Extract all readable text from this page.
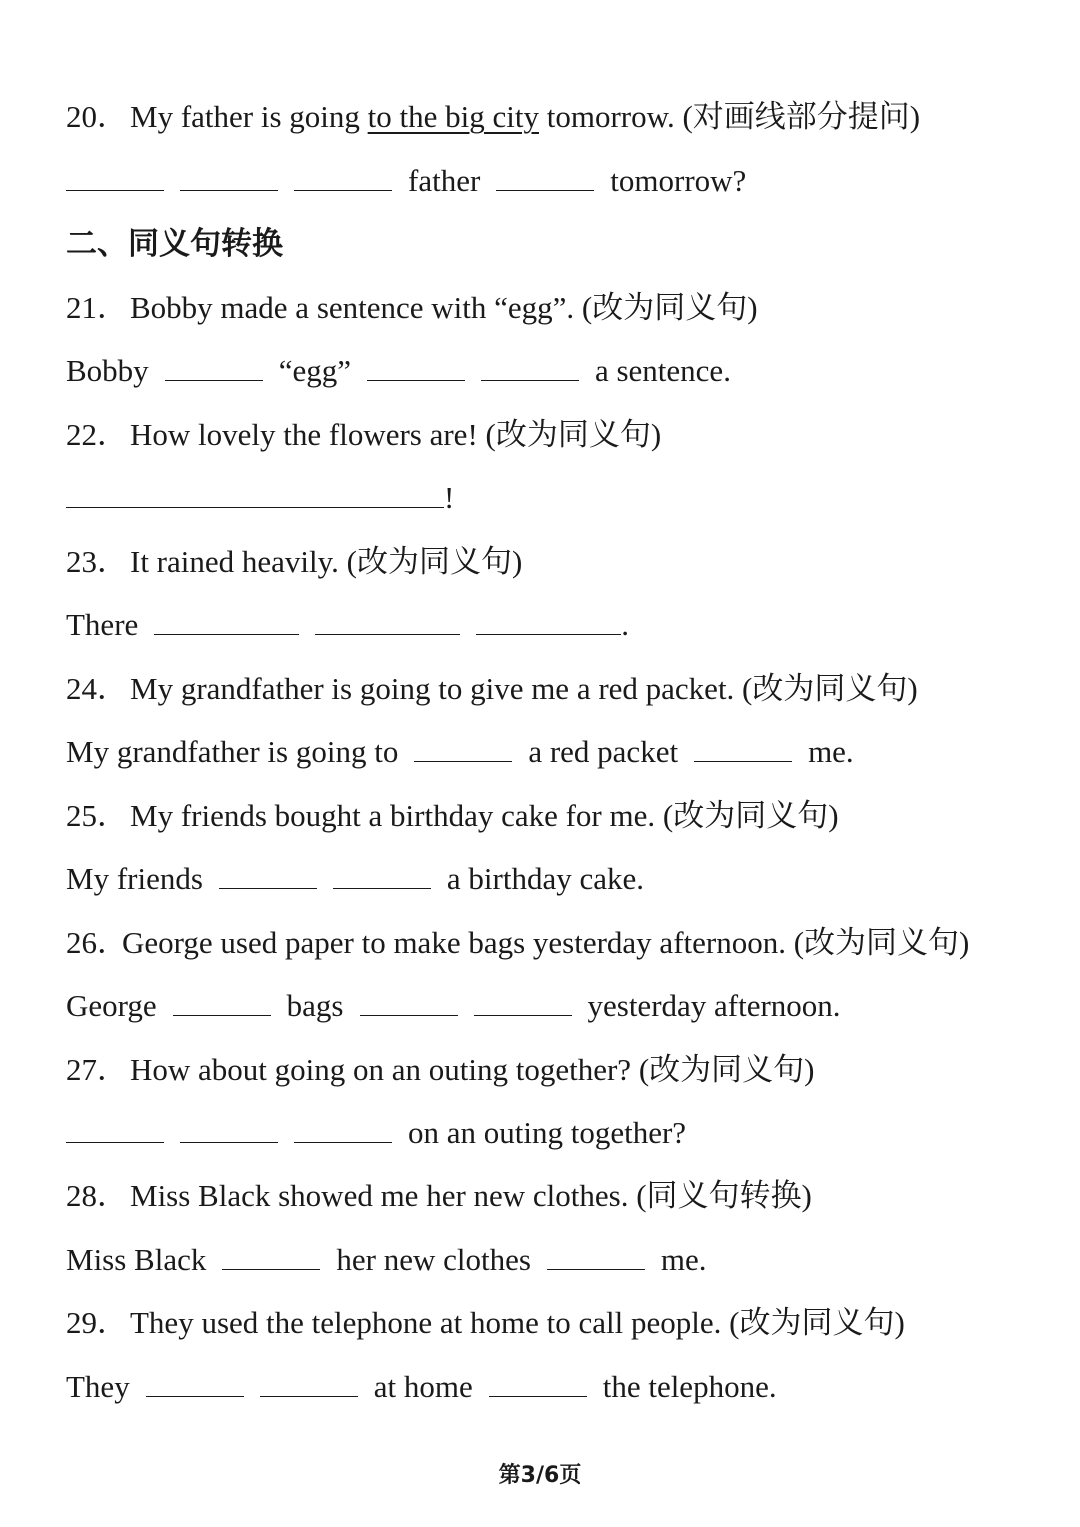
20．My father is going to the big city tomorrow. (对画线部分提问)
father	tomorrow?
二、同义句转换
21．Bobby made a sentence with “egg”. (改为同义句)
Bobby	“egg”	a sentence.
22．How lovely the flowers are! (改为同义句)
!
23．It rained heavily. (改为同义句)
There	.
24．My grandfather is going to give me a red packet. (改为同义句)
My grandfather is going to	a red packet	me.
25．My friends bought a birthday cake for me. (改为同义句)
My friends	a birthday cake.
26．George used paper to make bags yesterday afternoon. (改为同义句)
George	bags	yesterday afternoon.
27．How about going on an outing together? (改为同义句)
on an outing together?
28．Miss Black showed me her new clothes. (同义句转换)
Miss Black	her new clothes	me.
29．They used the telephone at home to call people. (改为同义句)
They	at home	the telephone.
第3/6页
